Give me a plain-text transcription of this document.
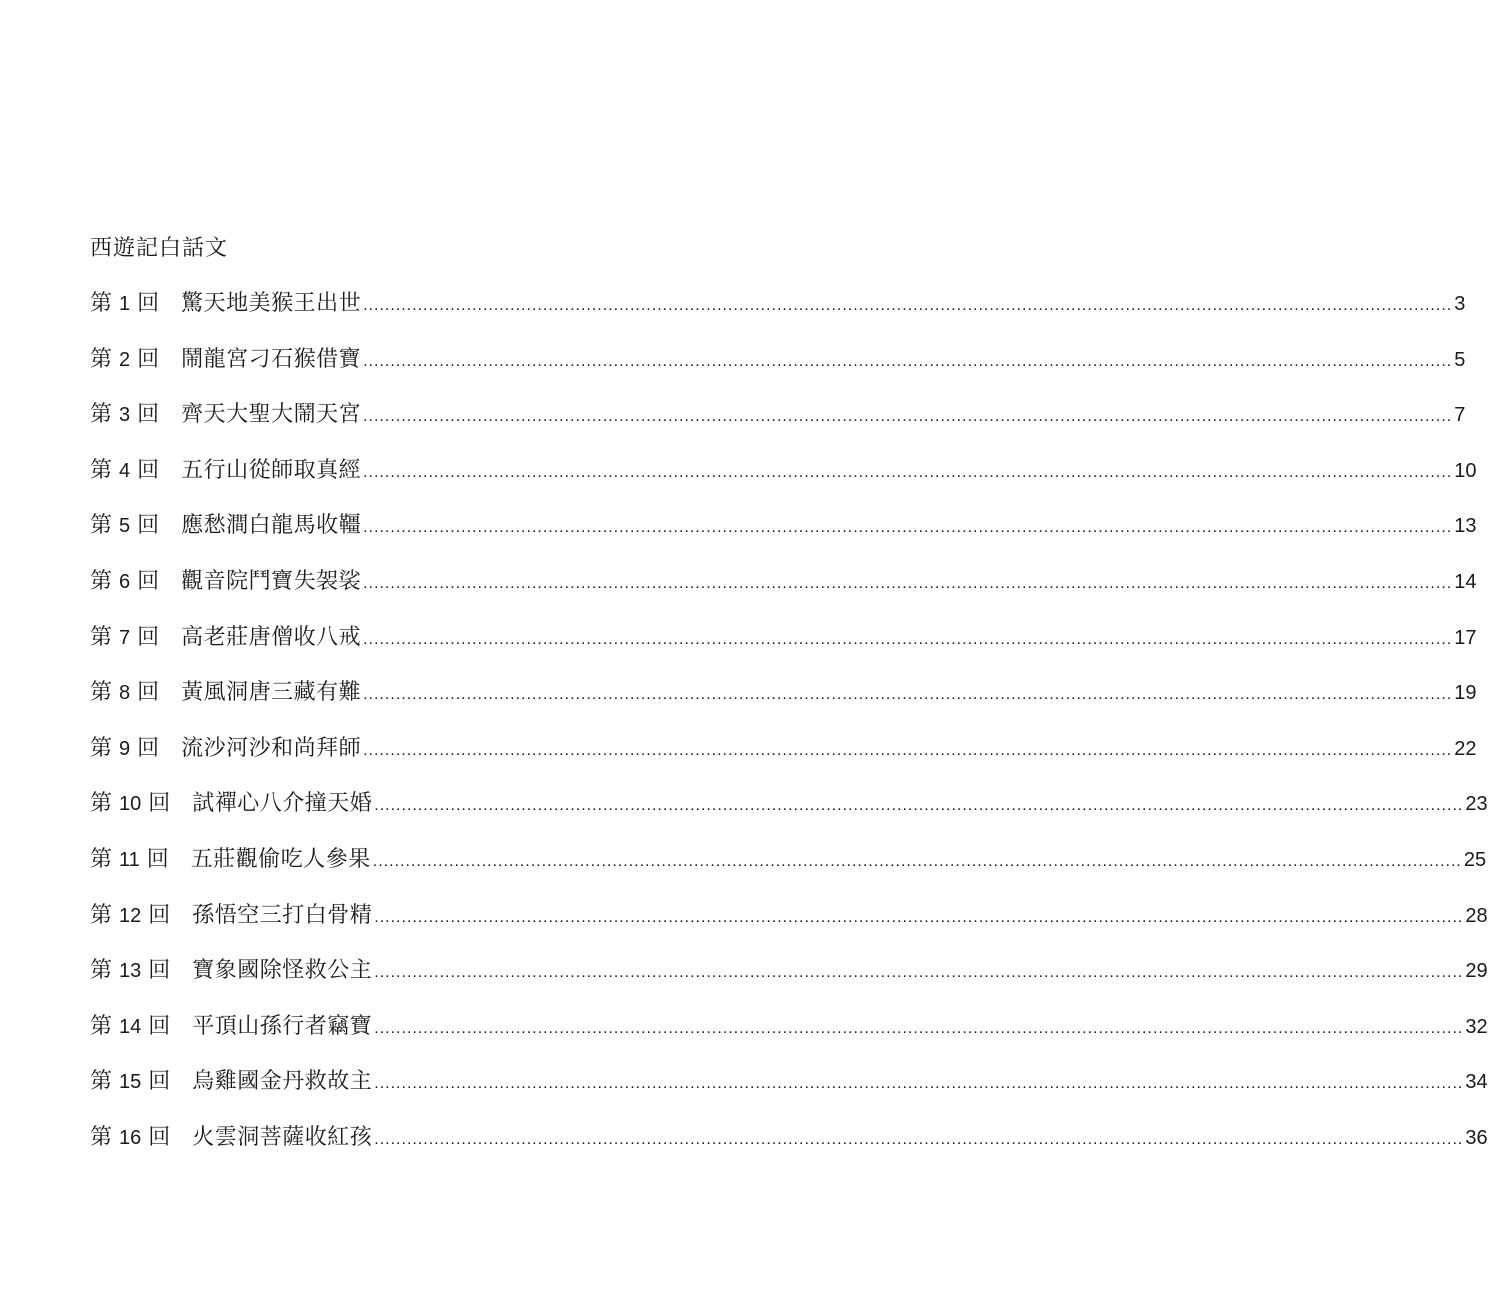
西遊記白話文
第 1 回　 驚天地美猴王出世 ........................................................................................................................................................................................................ 3
第 2 回　 鬧龍宮刁石猴借寶 ........................................................................................................................................................................................................ 5
第 3 回　 齊天大聖大鬧天宮 ........................................................................................................................................................................................................ 7
第 4 回　 五行山從師取真經 ........................................................................................................................................................................................................ 10
第 5 回　 應愁澗白龍馬收韁 ........................................................................................................................................................................................................ 13
第 6 回　 觀音院鬥寶失袈裟 ........................................................................................................................................................................................................ 14
第 7 回　 高老莊唐僧收八戒 ........................................................................................................................................................................................................ 17
第 8 回　 黃風洞唐三藏有難 ........................................................................................................................................................................................................ 19
第 9 回　 流沙河沙和尚拜師 ........................................................................................................................................................................................................ 22
第 10 回　 試禪心八介撞天婚 ........................................................................................................................................................................................................ 23
第 11 回　 五莊觀偷吃人參果 ........................................................................................................................................................................................................ 25
第 12 回　 孫悟空三打白骨精 ........................................................................................................................................................................................................ 28
第 13 回　 寶象國除怪救公主 ........................................................................................................................................................................................................ 29
第 14 回　 平頂山孫行者竊寶 ........................................................................................................................................................................................................ 32
第 15 回　 烏雞國金丹救故主 ........................................................................................................................................................................................................ 34
第 16 回　 火雲洞菩薩收紅孩 ........................................................................................................................................................................................................ 36
